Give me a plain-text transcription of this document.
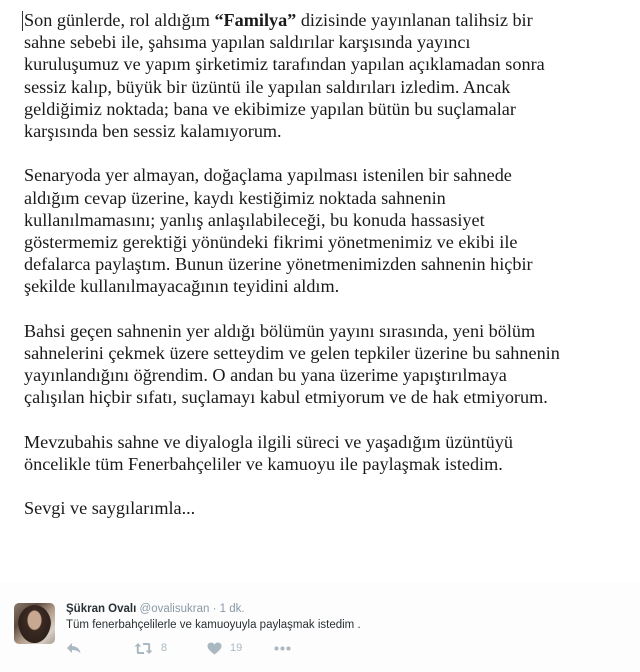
Son günlerde, rol aldığım “Familya” dizisinde yayınlanan talihsiz bir
sahne sebebi ile, şahsıma yapılan saldırılar karşısında yayıncı
kuruluşumuz ve yapım şirketimiz tarafından yapılan açıklamadan sonra
sessiz kalıp, büyük bir üzüntü ile yapılan saldırıları izledim. Ancak
geldiğimiz noktada; bana ve ekibimize yapılan bütün bu suçlamalar
karşısında ben sessiz kalamıyorum.

Senaryoda yer almayan, doğaçlama yapılması istenilen bir sahnede
aldığım cevap üzerine, kaydı kestiğimiz noktada sahnenin
kullanılmamasını; yanlış anlaşılabileceği, bu konuda hassasiyet
göstermemiz gerektiği yönündeki fikrimi yönetmenimiz ve ekibi ile
defalarca paylaştım. Bunun üzerine yönetmenimizden sahnenin hiçbir
şekilde kullanılmayacağının teyidini aldım.

Bahsi geçen sahnenin yer aldığı bölümün yayını sırasında, yeni bölüm
sahnelerini çekmek üzere setteydim ve gelen tepkiler üzerine bu sahnenin
yayınlandığını öğrendim. O andan bu yana üzerime yapıştırılmaya
çalışılan hiçbir sıfatı, suçlamayı kabul etmiyorum ve de hak etmiyorum.

Mevzubahis sahne ve diyalogla ilgili süreci ve yaşadığım üzüntüyü
öncelikle tüm Fenerbahçeliler ve kamuoyu ile paylaşmak istedim.

Sevgi ve saygılarımla...

Şükran Ovalı @ovalisukran · 1 dk.
Tüm fenerbahçelilerle ve kamuoyuyla paylaşmak istedim .
8	19
